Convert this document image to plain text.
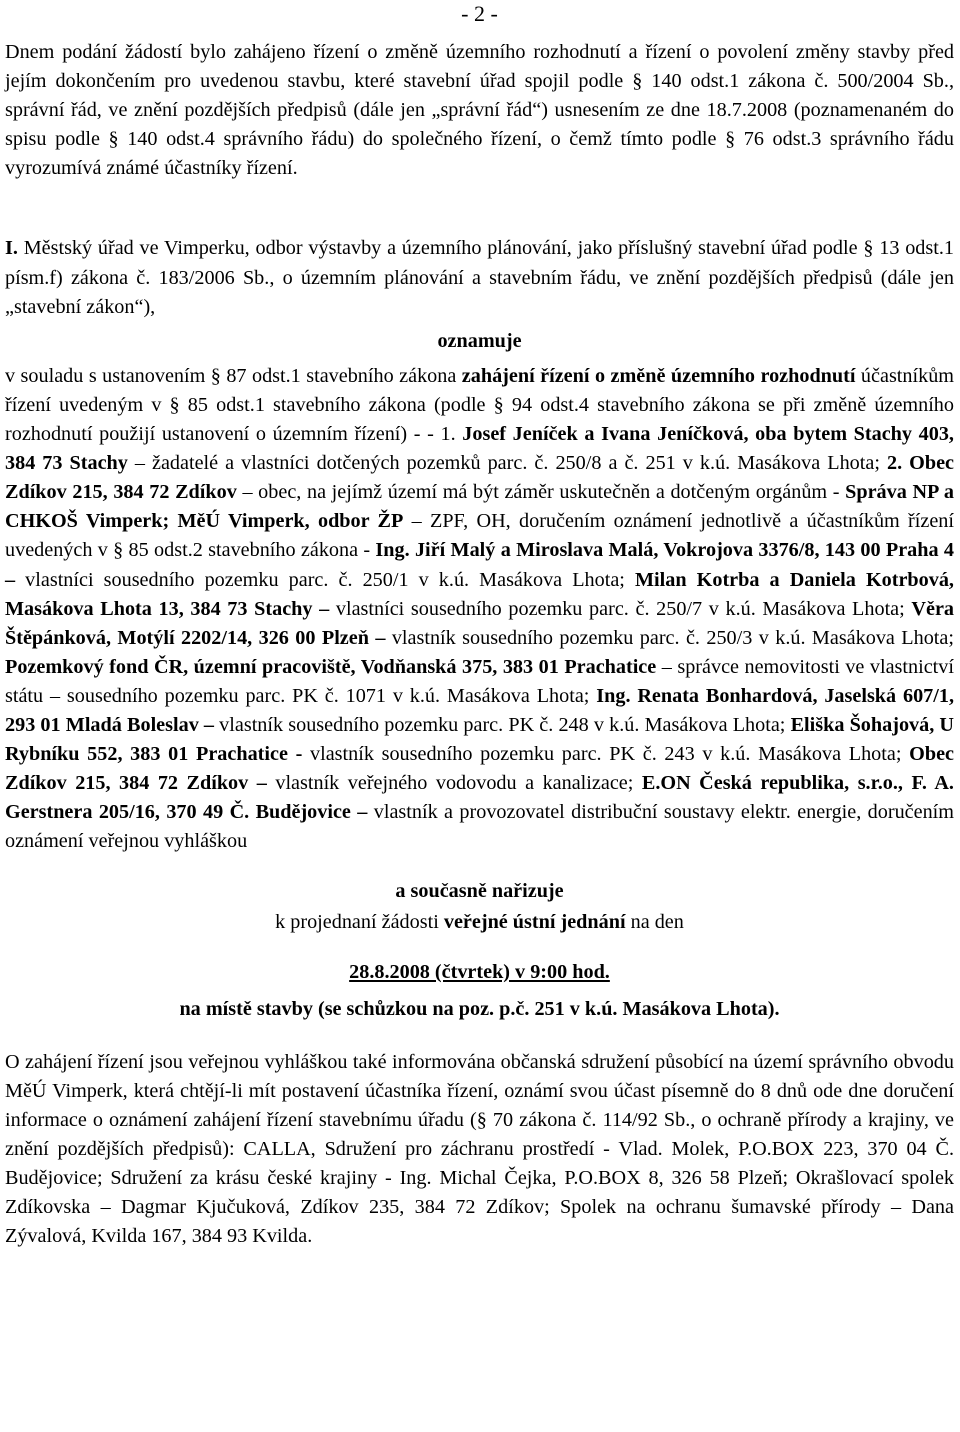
- 2 -

Dnem podání žádostí bylo zahájeno řízení o změně územního rozhodnutí a řízení o povolení změny stavby před jejím dokončením pro uvedenou stavbu, které stavební úřad spojil podle § 140 odst.1 zákona č. 500/2004 Sb., správní řád, ve znění pozdějších předpisů (dále jen „správní řád“) usnesením ze dne 18.7.2008 (poznamenaném do spisu podle § 140 odst.4 správního řádu) do společného řízení, o čemž tímto podle § 76 odst.3 správního řádu vyrozumívá známé účastníky řízení.

I. Městský úřad ve Vimperku, odbor výstavby a územního plánování, jako příslušný stavební úřad podle § 13 odst.1 písm.f) zákona č. 183/2006 Sb., o územním plánování a stavebním řádu, ve znění pozdějších předpisů (dále jen „stavební zákon“),

oznamuje

v souladu s ustanovením § 87 odst.1 stavebního zákona zahájení řízení o změně územního rozhodnutí účastníkům řízení uvedeným v § 85 odst.1 stavebního zákona (podle § 94 odst.4 stavebního zákona se při změně územního rozhodnutí použijí ustanovení o územním řízení) - - 1. Josef Jeníček a Ivana Jeníčková, oba bytem Stachy 403, 384 73 Stachy – žadatelé a vlastníci dotčených pozemků parc. č. 250/8 a č. 251 v k.ú. Masákova Lhota; 2. Obec Zdíkov 215, 384 72 Zdíkov – obec, na jejímž území má být záměr uskutečněn a dotčeným orgánům - Správa NP a CHKOŠ Vimperk; MěÚ Vimperk, odbor ŽP – ZPF, OH, doručením oznámení jednotlivě a účastníkům řízení uvedených v § 85 odst.2 stavebního zákona - Ing. Jiří Malý a Miroslava Malá, Vokrojova 3376/8, 143 00 Praha 4 – vlastníci sousedního pozemku parc. č. 250/1 v k.ú. Masákova Lhota; Milan Kotrba a Daniela Kotrbová, Masákova Lhota 13, 384 73 Stachy – vlastníci sousedního pozemku parc. č. 250/7 v k.ú. Masákova Lhota; Věra Štěpánková, Motýlí 2202/14, 326 00 Plzeň – vlastník sousedního pozemku parc. č. 250/3 v k.ú. Masákova Lhota; Pozemkový fond ČR, územní pracoviště, Vodňanská 375, 383 01 Prachatice – správce nemovitosti ve vlastnictví státu – sousedního pozemku parc. PK č. 1071 v k.ú. Masákova Lhota; Ing. Renata Bonhardová, Jaselská 607/1, 293 01 Mladá Boleslav – vlastník sousedního pozemku parc. PK č. 248 v k.ú. Masákova Lhota; Eliška Šohajová, U Rybníku 552, 383 01 Prachatice - vlastník sousedního pozemku parc. PK č. 243 v k.ú. Masákova Lhota; Obec Zdíkov 215, 384 72 Zdíkov – vlastník veřejného vodovodu a kanalizace; E.ON Česká republika, s.r.o., F. A. Gerstnera 205/16, 370 49 Č. Budějovice – vlastník a provozovatel distribuční soustavy elektr. energie, doručením oznámení veřejnou vyhláškou

a současně nařizuje

k projednaní žádosti veřejné ústní jednání na den

28.8.2008 (čtvrtek) v 9:00 hod.

na místě stavby (se schůzkou na poz. p.č. 251 v k.ú. Masákova Lhota).

O zahájení řízení jsou veřejnou vyhláškou také informována občanská sdružení působící na území správního obvodu MěÚ Vimperk, která chtějí-li mít postavení účastníka řízení, oznámí svou účast písemně do 8 dnů ode dne doručení informace o oznámení zahájení řízení stavebnímu úřadu (§ 70 zákona č. 114/92 Sb., o ochraně přírody a krajiny, ve znění pozdějších předpisů): CALLA, Sdružení pro záchranu prostředí - Vlad. Molek, P.O.BOX 223, 370 04 Č. Budějovice; Sdružení za krásu české krajiny - Ing. Michal Čejka, P.O.BOX 8, 326 58 Plzeň; Okrašlovací spolek Zdíkovska – Dagmar Kjučuková, Zdíkov 235, 384 72 Zdíkov; Spolek na ochranu šumavské přírody – Dana Zývalová, Kvilda 167, 384 93 Kvilda.
